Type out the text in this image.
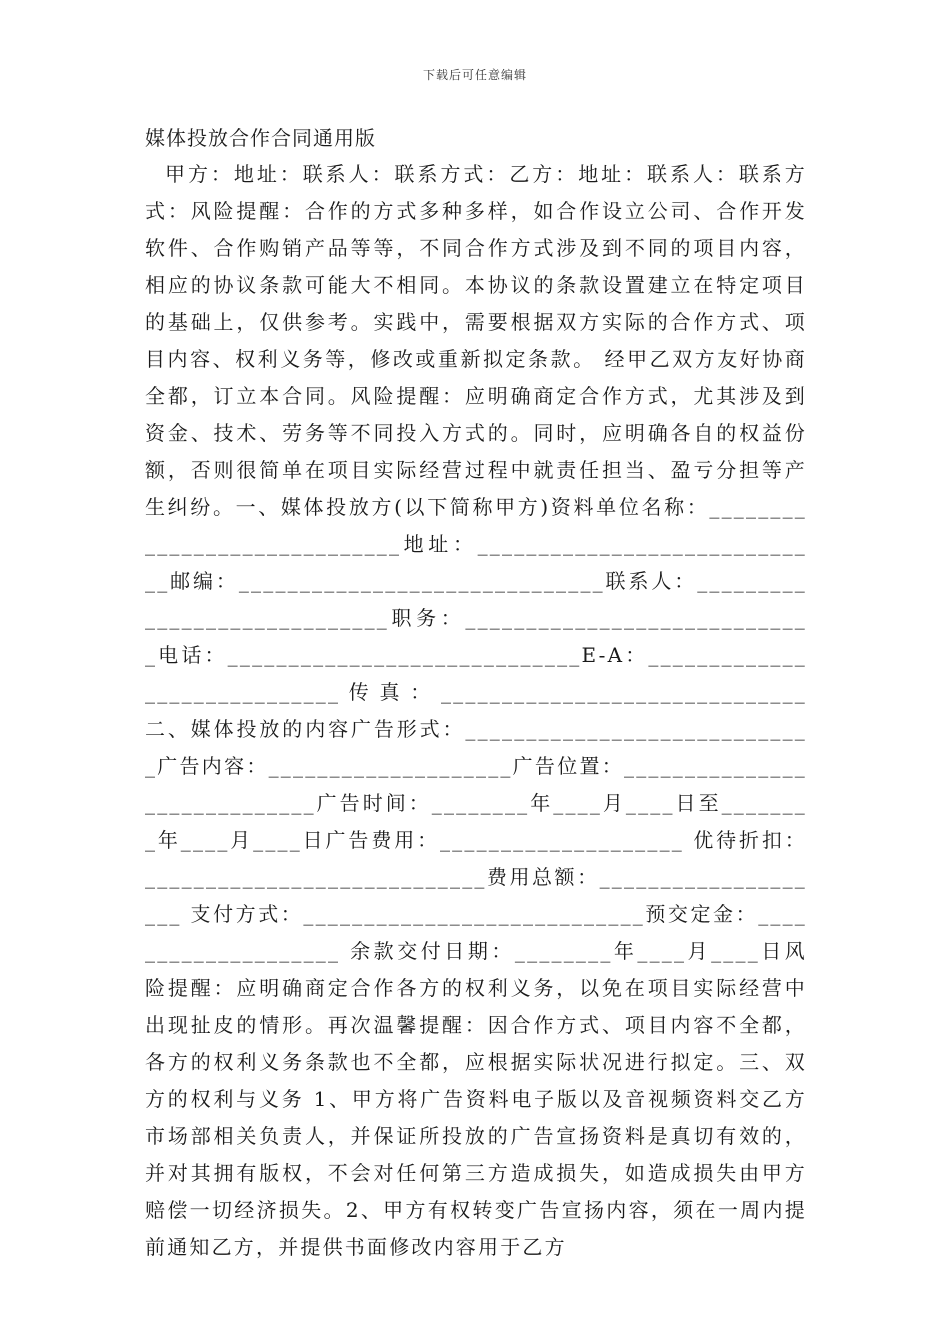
下载后可任意编辑
媒体投放合作合同通用版

甲方：地址：联系人：联系方式：乙方：地址：联系人：联系方式：风险提醒：合作的方式多种多样，如合作设立公司、合作开发软件、合作购销产品等等，不同合作方式涉及到不同的项目内容，相应的协议条款可能大不相同。本协议的条款设置建立在特定项目的基础上，仅供参考。实践中，需要根据双方实际的合作方式、项目内容、权利义务等，修改或重新拟定条款。 经甲乙双方友好协商全都，订立本合同。风险提醒：应明确商定合作方式，尤其涉及到资金、技术、劳务等不同投入方式的。同时，应明确各自的权益份额，否则很简单在项目实际经营过程中就责任担当、盈亏分担等产生纠纷。一、媒体投放方(以下简称甲方)资料单位名称：_____________________________地址：_____________________________邮编：______________________________联系人：_____________________________职务：_____________________________电话：_____________________________E-A：_____________________________传真：______________________________二、媒体投放的内容广告形式：_____________________________广告内容：____________________广告位置：_____________________________广告时间：________年____月____日至________年____月____日广告费用：____________________ 优待折扣：____________________________费用总额：____________________ 支付方式：____________________________预交定金：____________________ 余款交付日期：________年____月____日风险提醒：应明确商定合作各方的权利义务，以免在项目实际经营中出现扯皮的情形。再次温馨提醒：因合作方式、项目内容不全都，各方的权利义务条款也不全都，应根据实际状况进行拟定。三、双方的权利与义务 1、甲方将广告资料电子版以及音视频资料交乙方市场部相关负责人，并保证所投放的广告宣扬资料是真切有效的，并对其拥有版权，不会对任何第三方造成损失，如造成损失由甲方赔偿一切经济损失。2、甲方有权转变广告宣扬内容，须在一周内提前通知乙方，并提供书面修改内容用于乙方
